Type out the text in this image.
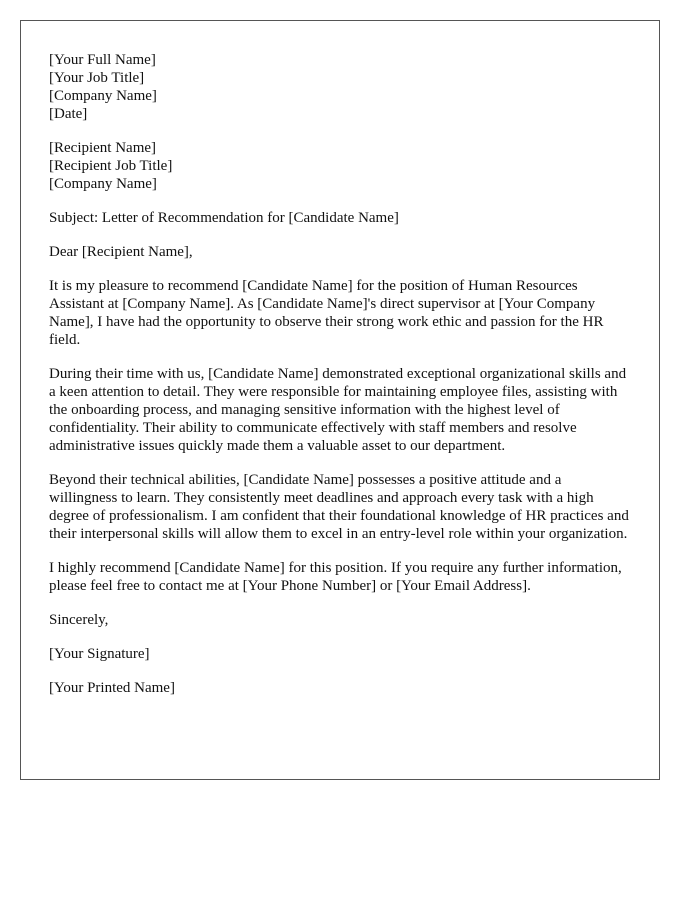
[Your Full Name]
[Your Job Title]
[Company Name]
[Date]
[Recipient Name]
[Recipient Job Title]
[Company Name]

Subject: Letter of Recommendation for [Candidate Name]

Dear [Recipient Name],

It is my pleasure to recommend [Candidate Name] for the position of Human Resources Assistant at [Company Name]. As [Candidate Name]'s direct supervisor at [Your Company Name], I have had the opportunity to observe their strong work ethic and passion for the HR field.

During their time with us, [Candidate Name] demonstrated exceptional organizational skills and a keen attention to detail. They were responsible for maintaining employee files, assisting with the onboarding process, and managing sensitive information with the highest level of confidentiality. Their ability to communicate effectively with staff members and resolve administrative issues quickly made them a valuable asset to our department.

Beyond their technical abilities, [Candidate Name] possesses a positive attitude and a willingness to learn. They consistently meet deadlines and approach every task with a high degree of professionalism. I am confident that their foundational knowledge of HR practices and their interpersonal skills will allow them to excel in an entry-level role within your organization.

I highly recommend [Candidate Name] for this position. If you require any further information, please feel free to contact me at [Your Phone Number] or [Your Email Address].

Sincerely,

[Your Signature]

[Your Printed Name]
